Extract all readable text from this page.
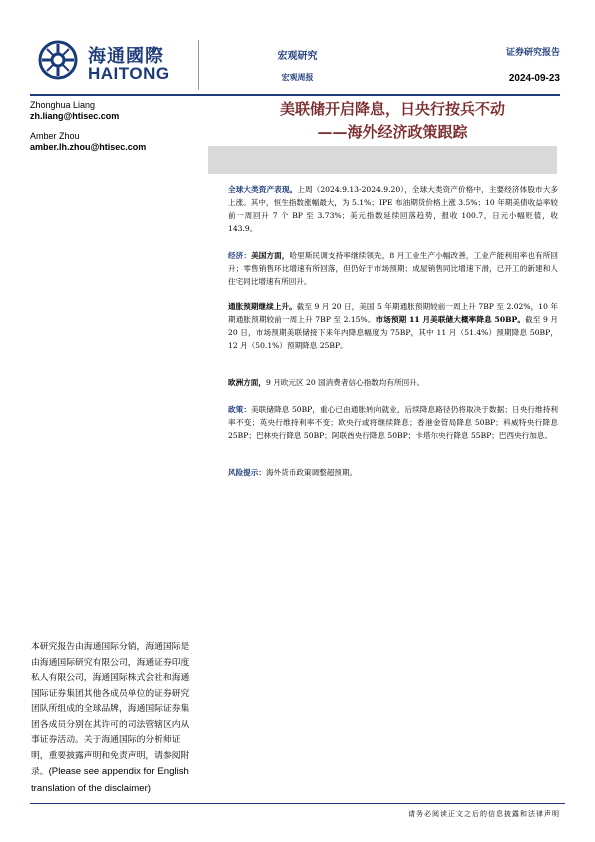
海通國際
HAITONG
宏观研究
宏观周报
证券研究报告
2024-09-23
Zhonghua Liang
zh.liang@htisec.com
Amber Zhou
amber.lh.zhou@htisec.com
美联储开启降息，日央行按兵不动
——海外经济政策跟踪
全球大类资产表现。上周（2024.9.13-2024.9.20），全球大类资产价格中，主要经济体股市大多上涨。其中，恒生指数涨幅最大，为 5.1%；IPE 布油期货价格上涨 3.5%；10 年期美债收益率较前一周回升 7 个 BP 至 3.73%；美元指数延续回落趋势，报收 100.7，日元小幅贬值，收 143.9。
经济：美国方面，哈里斯民调支持率继续领先，8 月工业生产小幅改善，工业产能利用率也有所回升；零售销售环比增速有所回落，但仍好于市场预期；成屋销售同比增速下滑，已开工的新建和人住宅同比增速有所回升。
通胀预期继续上升。截至 9 月 20 日，美国 5 年期通胀预期较前一周上升 7BP 至 2.02%，10 年期通胀预期较前一周上升 7BP 至 2.15%。市场预期 11 月美联储大概率降息 50BP。截至 9 月 20 日，市场预期美联储接下来年内降息幅度为 75BP，其中 11 月（51.4%）预期降息 50BP，12 月（50.1%）预期降息 25BP。
欧洲方面，9 月欧元区 20 国消费者信心指数均有所回升。
政策：美联储降息 50BP，重心已由通胀转向就业，后续降息路径仍将取决于数据；日央行维持利率不变；英央行维持利率不变；欧央行或将继续降息；香港金管局降息 50BP；科威特央行降息 25BP；巴林央行降息 50BP；阿联酋央行降息 50BP；卡塔尔央行降息 55BP；巴西央行加息。
风险提示：海外货币政策调整超预期。
本研究报告由海通国际分销，海通国际是由海通国际研究有限公司，海通证券印度私人有限公司，海通国际株式会社和海通国际证券集团其他各成员单位的证券研究团队所组成的全球品牌，海通国际证券集团各成员分别在其许可的司法管辖区内从事证券活动。关于海通国际的分析师证明，重要披露声明和免责声明，请参阅附录。(Please see appendix for English translation of the disclaimer)
请务必阅读正文之后的信息披露和法律声明
